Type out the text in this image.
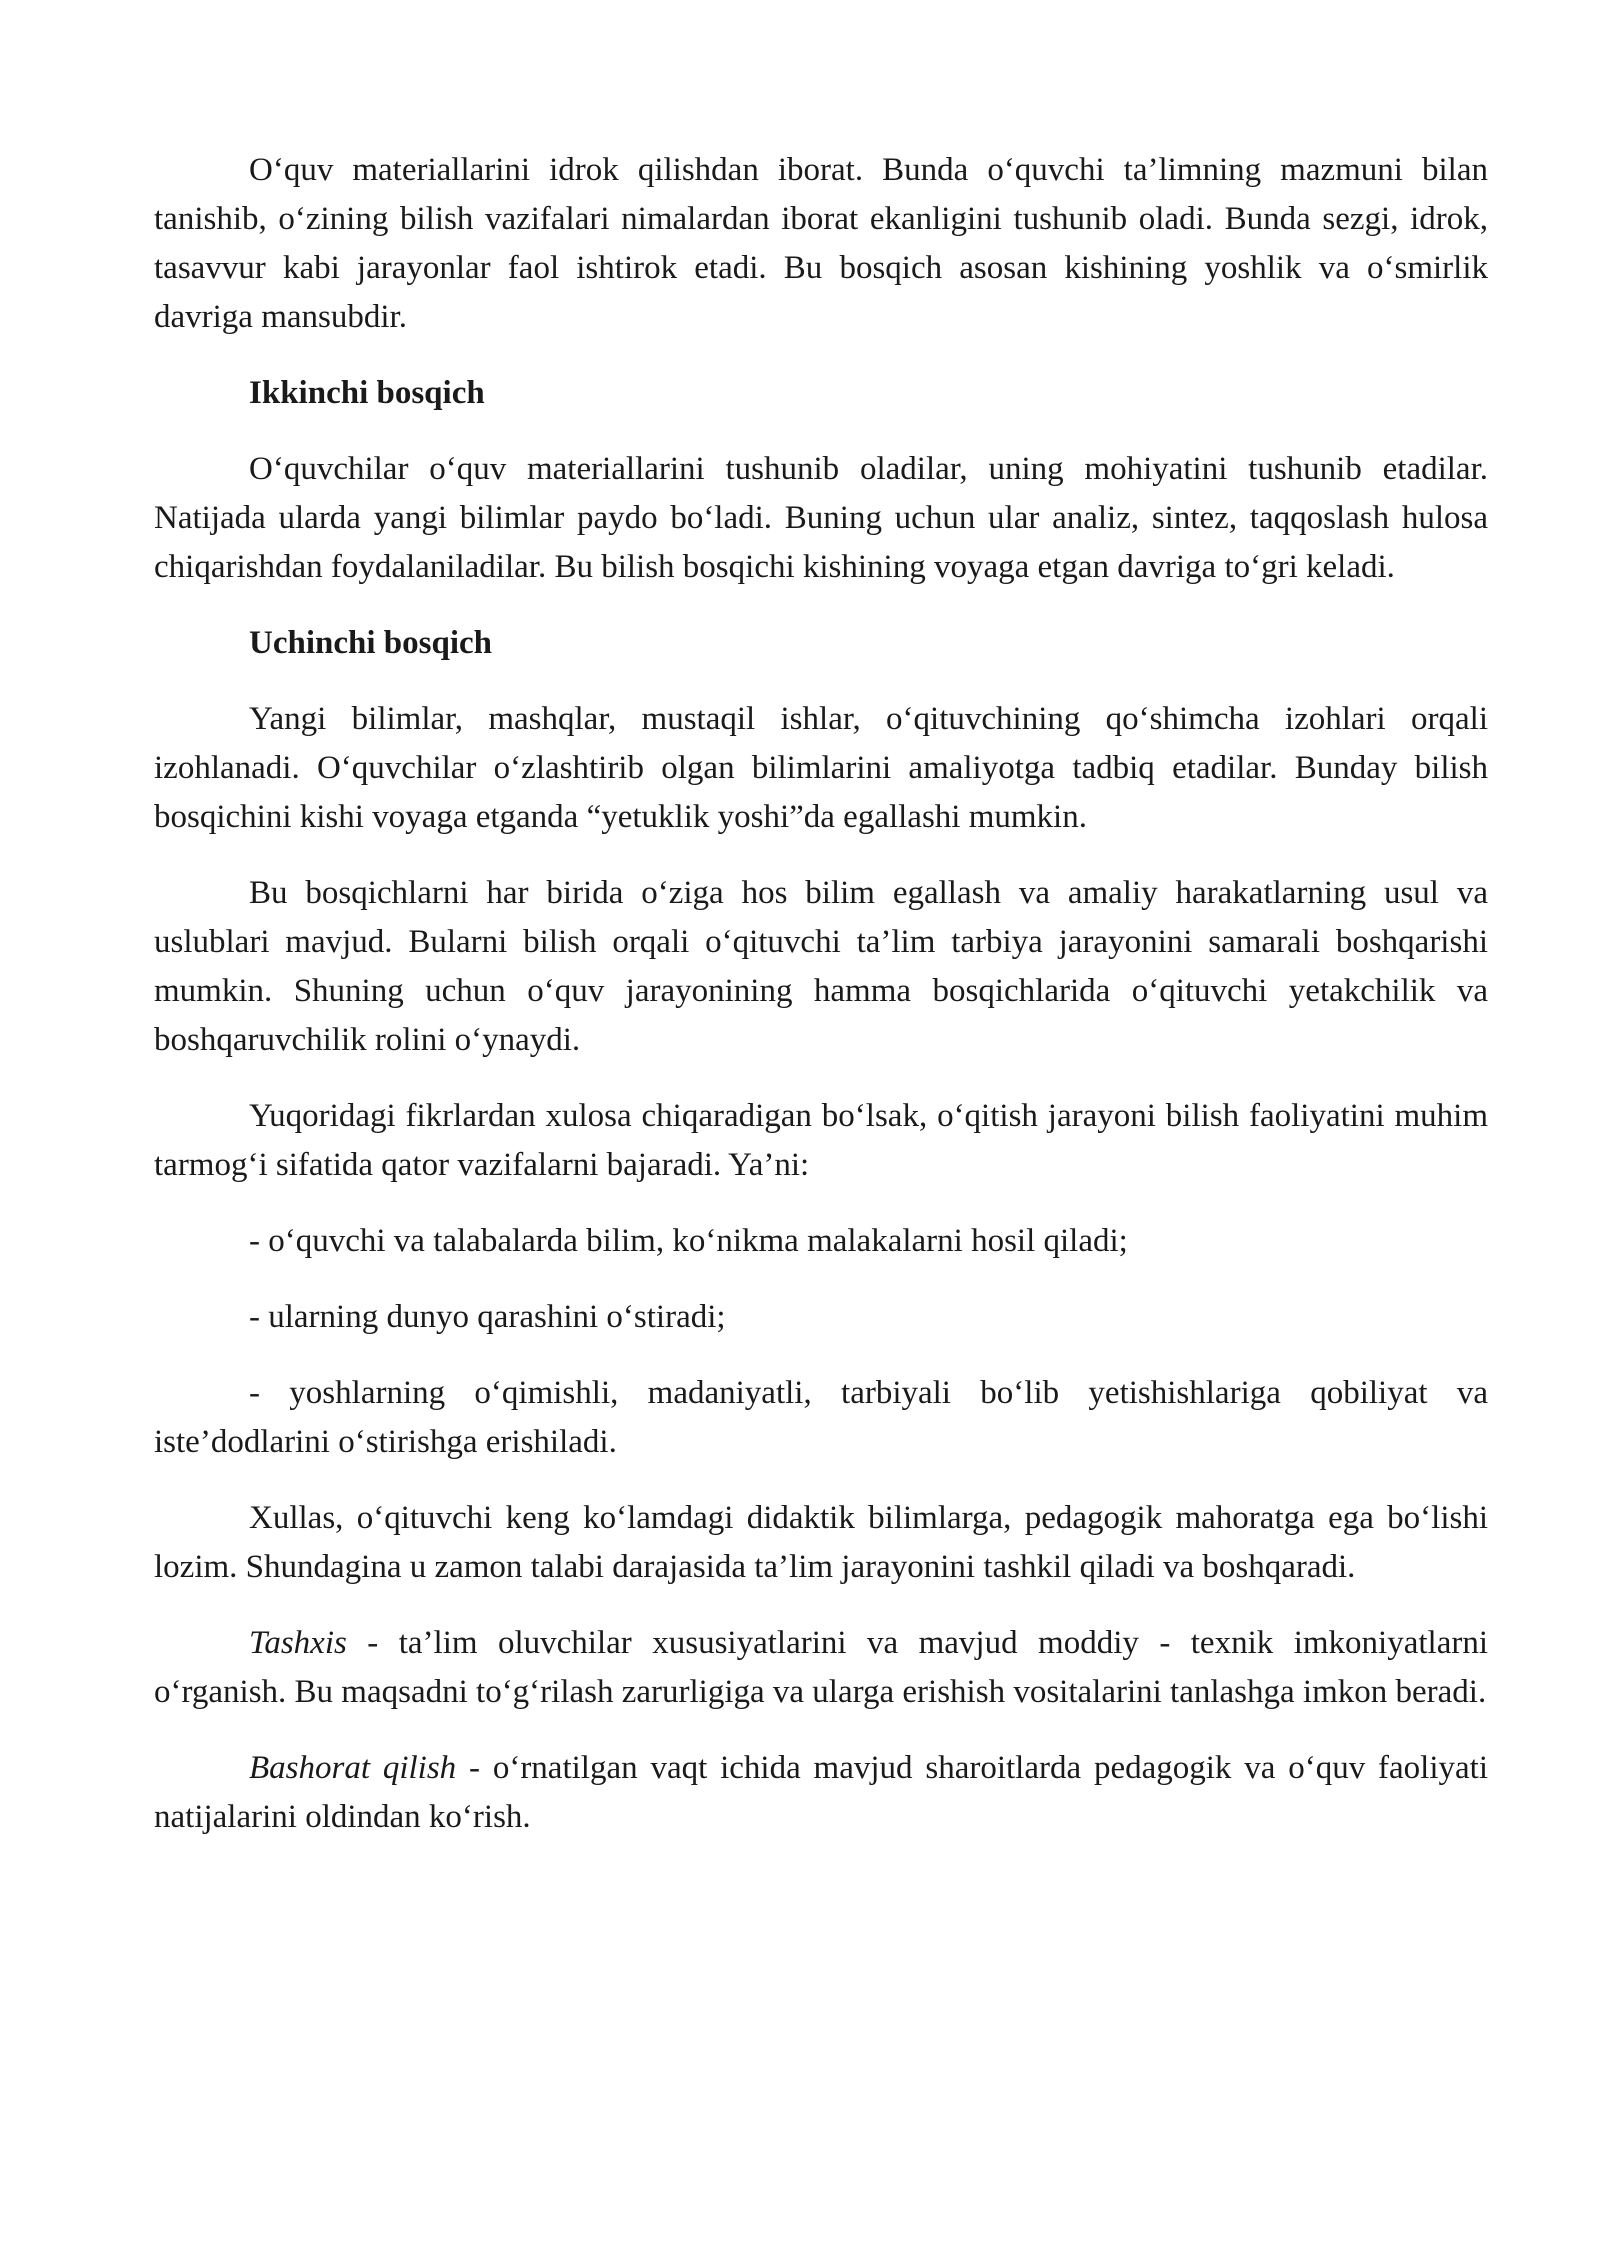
O‘quv materiallarini idrok qilishdan iborat. Bunda o‘quvchi ta’limning mazmuni bilan tanishib, o‘zining bilish vazifalari nimalardan iborat ekanligini tushunib oladi. Bunda sezgi, idrok, tasavvur kabi jarayonlar faol ishtirok etadi. Bu bosqich asosan kishining yoshlik va o‘smirlik davriga mansubdir.

Ikkinchi bosqich

O‘quvchilar o‘quv materiallarini tushunib oladilar, uning mohiyatini tushunib etadilar. Natijada ularda yangi bilimlar paydo bo‘ladi. Buning uchun ular analiz, sintez, taqqoslash hulosa chiqarishdan foydalaniladilar. Bu bilish bosqichi kishining voyaga etgan davriga to‘gri keladi.

Uchinchi bosqich

Yangi bilimlar, mashqlar, mustaqil ishlar, o‘qituvchining qo‘shimcha izohlari orqali izohlanadi. O‘quvchilar o‘zlashtirib olgan bilimlarini amaliyotga tadbiq etadilar. Bunday bilish bosqichini kishi voyaga etganda “yetuklik yoshi”da egallashi mumkin.

Bu bosqichlarni har birida o‘ziga hos bilim egallash va amaliy harakatlarning usul va uslublari mavjud. Bularni bilish orqali o‘qituvchi ta’lim tarbiya jarayonini samarali boshqarishi mumkin. Shuning uchun o‘quv jarayonining hamma bosqichlarida o‘qituvchi yetakchilik va boshqaruvchilik rolini o‘ynaydi.

Yuqoridagi fikrlardan xulosa chiqaradigan bo‘lsak, o‘qitish jarayoni bilish faoliyatini muhim tarmog‘i sifatida qator vazifalarni bajaradi. Ya’ni:

- o‘quvchi va talabalarda bilim, ko‘nikma malakalarni hosil qiladi;

- ularning dunyo qarashini o‘stiradi;

- yoshlarning o‘qimishli, madaniyatli, tarbiyali bo‘lib yetishishlariga qobiliyat va iste’dodlarini o‘stirishga erishiladi.

Xullas, o‘qituvchi keng ko‘lamdagi didaktik bilimlarga, pedagogik mahoratga ega bo‘lishi lozim. Shundagina u zamon talabi darajasida ta’lim jarayonini tashkil qiladi va boshqaradi.

Tashxis - ta’lim oluvchilar xususiyatlarini va mavjud moddiy - texnik imkoniyatlarni o‘rganish. Bu maqsadni to‘g‘rilash zarurligiga va ularga erishish vositalarini tanlashga imkon beradi.

Bashorat qilish - o‘rnatilgan vaqt ichida mavjud sharoitlarda pedagogik va o‘quv faoliyati natijalarini oldindan ko‘rish.
